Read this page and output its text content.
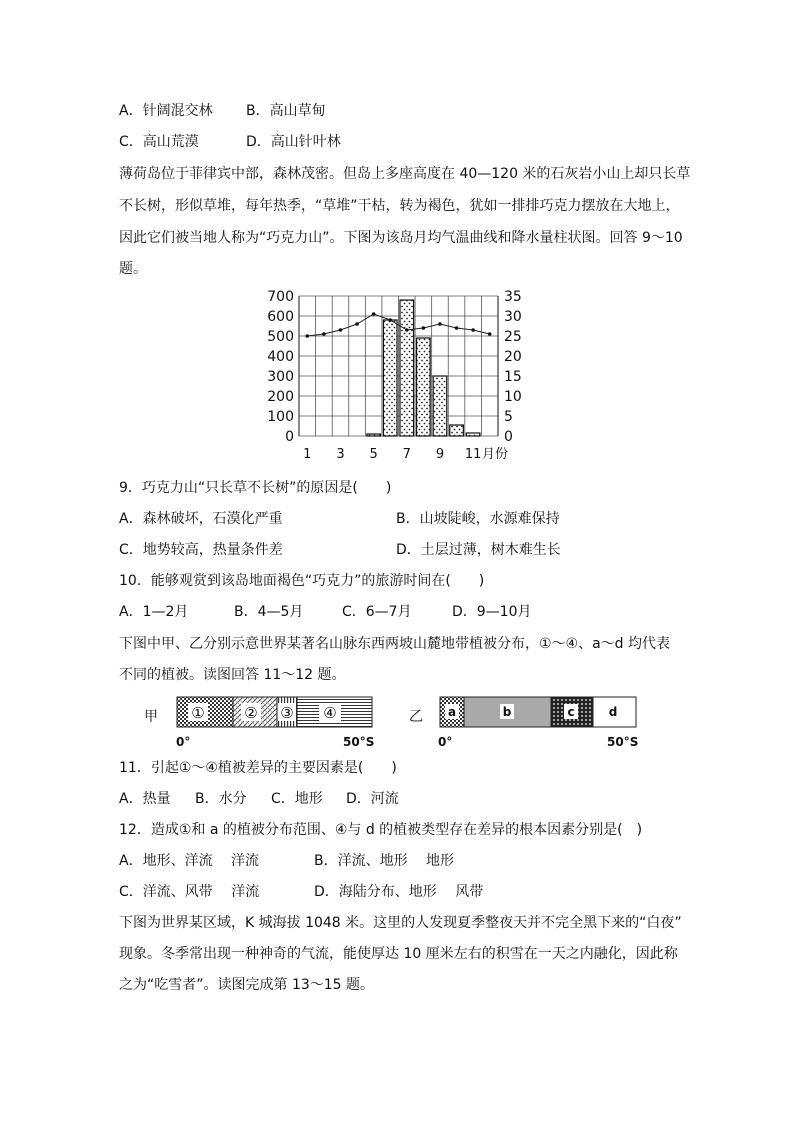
A．针阔混交林 B．高山草甸
C．高山荒漠	D．高山针叶林
薄荷岛位于菲律宾中部，森林茂密。但岛上多座高度在 40—120 米的石灰岩小山上却只长草
不长树，形似草堆，每年热季，“草堆”干枯，转为褐色，犹如一排排巧克力摆放在大地上，
因此它们被当地人称为“巧克力山”。下图为该岛月均气温曲线和降水量柱状图。回答 9～10
题。
700
600
500
400
300
200
100
0
35
30
25
20
15
10
5
0
1 3 5 7 9 11 月份
9．巧克力山“只长草不长树”的原因是(　　)
A．森林破坏，石漠化严重	B．山坡陡峻，水源难保持
C．地势较高，热量条件差	D．土层过薄，树木难生长
10．能够观赏到该岛地面褐色“巧克力”的旅游时间在(　　)
A．1—2月	B．4—5月	C．6—7月	D．9—10月
下图中甲、乙分别示意世界某著名山脉东西两坡山麓地带植被分布，①～④、a～d 均代表
不同的植被。读图回答 11～12 题。
甲 ①	② ③ ④
0°	50°S
乙 a	b	c	d
0°	50°S
11．引起①～④植被差异的主要因素是(　　)
A．热量 B．水分 C．地形 D．河流
12．造成①和 a 的植被分布范围、④与 d 的植被类型存在差异的根本因素分别是(　)
A．地形、洋流　 洋流	B．洋流、地形　 地形
C．洋流、风带　 洋流	D．海陆分布、地形　 风带
下图为世界某区域，K 城海拔 1048 米。这里的人发现夏季整夜天并不完全黑下来的“白夜”
现象。冬季常出现一种神奇的气流，能使厚达 10 厘米左右的积雪在一天之内融化，因此称
之为“吃雪者”。读图完成第 13～15 题。
